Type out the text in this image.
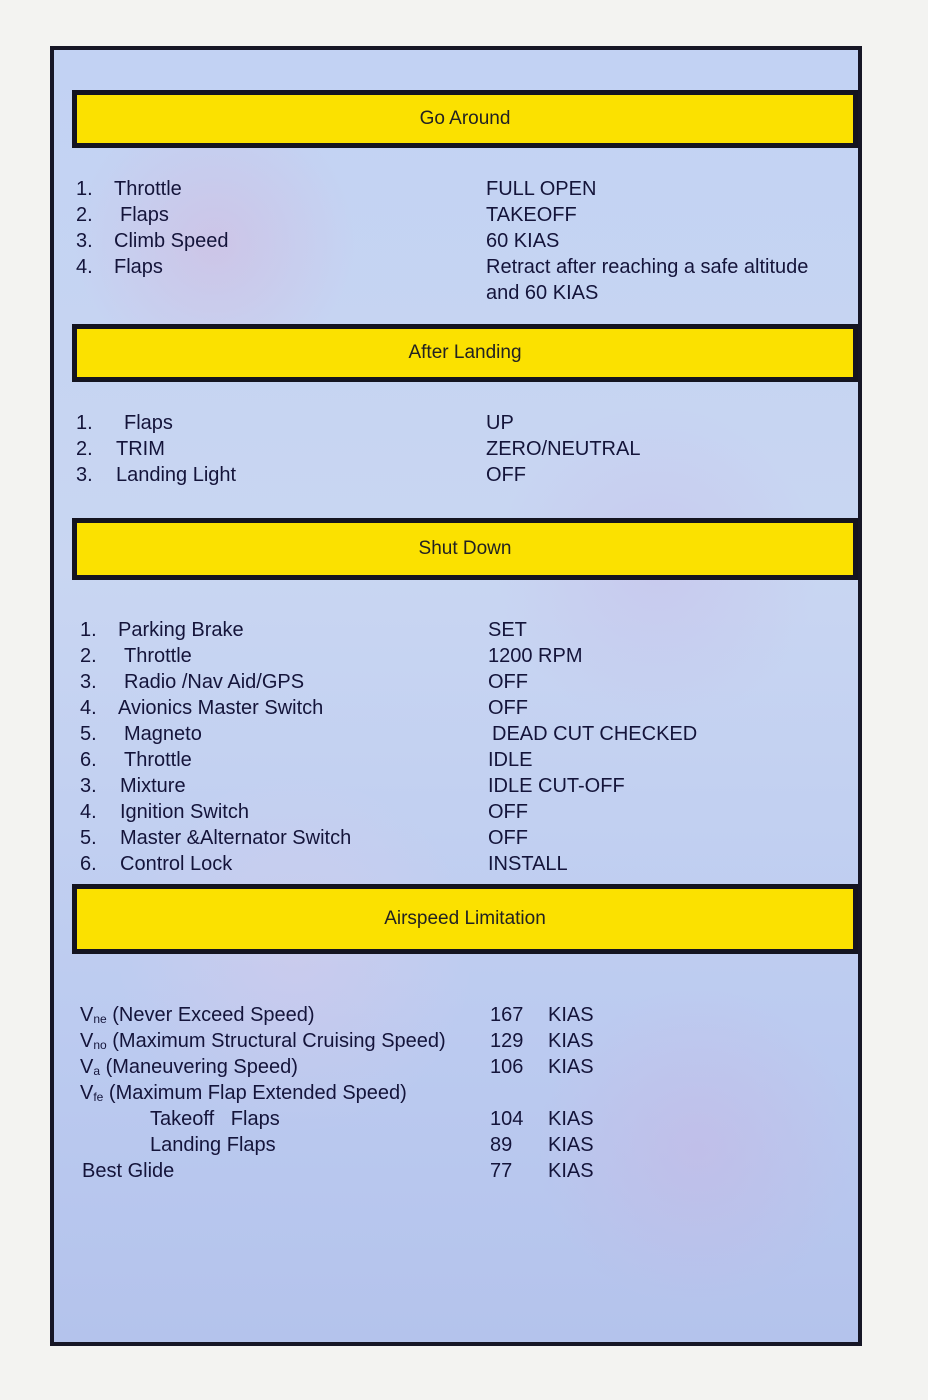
Go Around
1. Throttle	FULL OPEN
2. Flaps	TAKEOFF
3. Climb Speed	60 KIAS
4. Flaps	Retract after reaching a safe altitude
and 60 KIAS
After Landing
1. Flaps	UP
2. TRIM	ZERO/NEUTRAL
3. Landing Light	OFF
Shut Down
1. Parking Brake	SET
2. Throttle	1200 RPM
3. Radio /Nav Aid/GPS	OFF
4. Avionics Master Switch	OFF
5. Magneto	DEAD CUT CHECKED
6. Throttle	IDLE
3. Mixture	IDLE CUT-OFF
4. Ignition Switch	OFF
5. Master &Alternator Switch	OFF
6. Control Lock	INSTALL
Airspeed Limitation
$V_{ne}$ (Never Exceed Speed)	167 KIAS
$V_{no}$ (Maximum Structural Cruising Speed) 129 KIAS
$V_a$ (Maneuvering Speed)	106 KIAS
$V_{fe}$ (Maximum Flap Extended Speed)
Takeoff   Flaps	104 KIAS
Landing Flaps	89 KIAS
Best Glide	77 KIAS
